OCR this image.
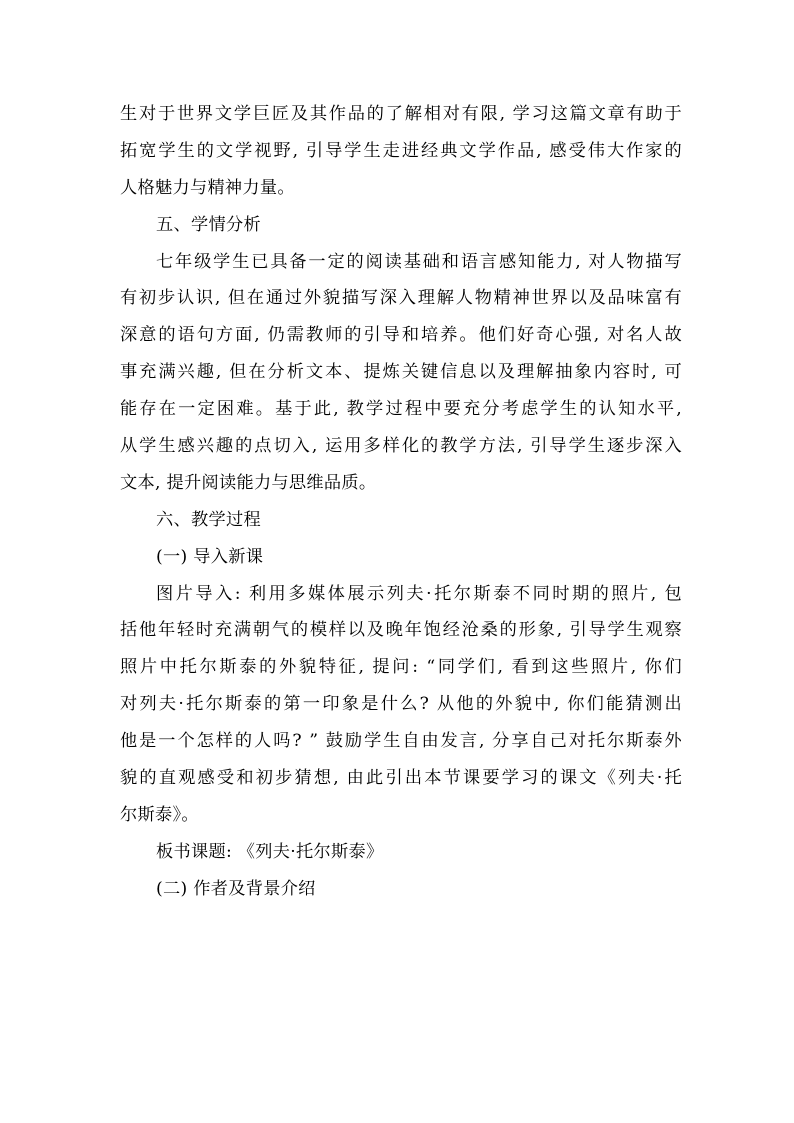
生对于世界文学巨匠及其作品的了解相对有限, 学习这篇文章有助于
拓宽学生的文学视野, 引导学生走进经典文学作品, 感受伟大作家的
人格魅力与精神力量。
五、学情分析
七年级学生已具备一定的阅读基础和语言感知能力, 对人物描写
有初步认识, 但在通过外貌描写深入理解人物精神世界以及品味富有
深意的语句方面, 仍需教师的引导和培养。他们好奇心强, 对名人故
事充满兴趣, 但在分析文本、提炼关键信息以及理解抽象内容时, 可
能存在一定困难。基于此, 教学过程中要充分考虑学生的认知水平,
从学生感兴趣的点切入, 运用多样化的教学方法, 引导学生逐步深入
文本, 提升阅读能力与思维品质。
六、教学过程
(一) 导入新课
图片导入: 利用多媒体展示列夫·托尔斯泰不同时期的照片, 包
括他年轻时充满朝气的模样以及晚年饱经沧桑的形象, 引导学生观察
照片中托尔斯泰的外貌特征, 提问: “同学们, 看到这些照片, 你们
对列夫·托尔斯泰的第一印象是什么? 从他的外貌中, 你们能猜测出
他是一个怎样的人吗? ” 鼓励学生自由发言, 分享自己对托尔斯泰外
貌的直观感受和初步猜想, 由此引出本节课要学习的课文《列夫·托
尔斯泰》。
板书课题: 《列夫·托尔斯泰》
(二) 作者及背景介绍
